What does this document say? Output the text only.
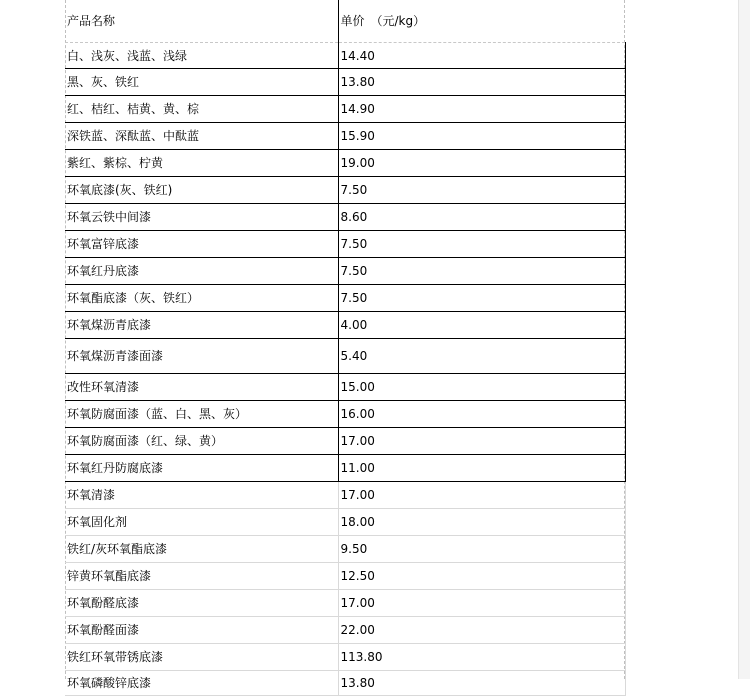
产品名称	单价　（元/kg）
白、浅灰、浅蓝、浅绿	14.40
黑、灰、铁红	13.80
红、桔红、桔黄、黄、棕	14.90
深铁蓝、深酞蓝、中酞蓝	15.90
紫红、紫棕、柠黄	19.00
环氧底漆(灰、铁红)	7.50
环氧云铁中间漆	8.60
环氧富锌底漆	7.50
环氧红丹底漆	7.50
环氧酯底漆（灰、铁红）	7.50
环氧煤沥青底漆	4.00
环氧煤沥青漆面漆	5.40
改性环氧清漆	15.00
环氧防腐面漆（蓝、白、黑、灰）	16.00
环氧防腐面漆（红、绿、黄）	17.00
环氧红丹防腐底漆	11.00
环氧清漆	17.00
环氧固化剂	18.00
铁红/灰环氧酯底漆	9.50
锌黄环氧酯底漆	12.50
环氧酚醛底漆	17.00
环氧酚醛面漆	22.00
铁红环氧带锈底漆	113.80
环氧磷酸锌底漆	13.80
